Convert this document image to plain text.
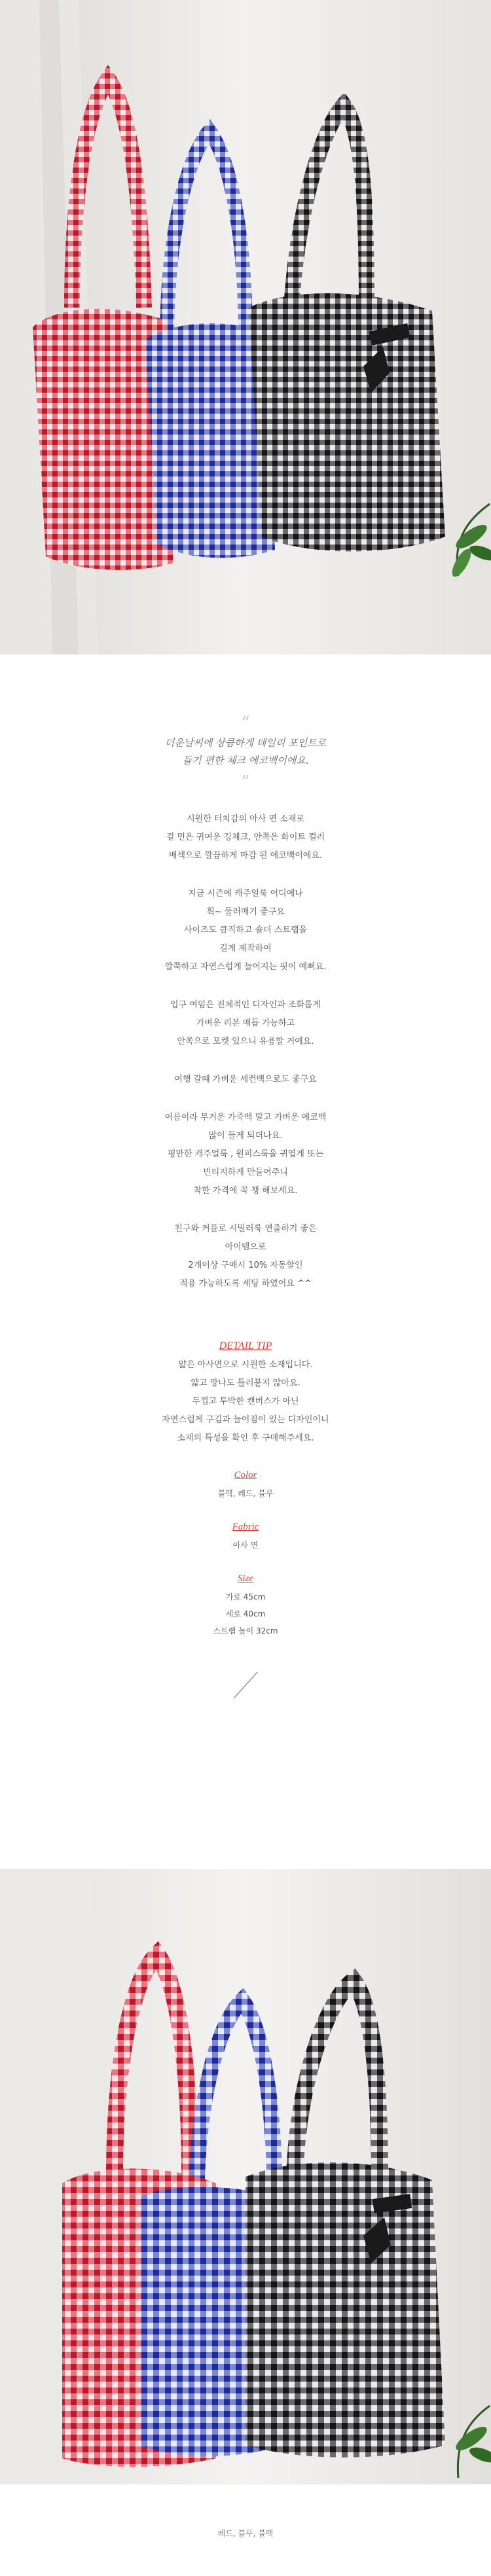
“
더운날씨에 상큼하게 데일리 포인트로
들기 편한 체크 에코백이에요.
”
시원한 터치감의 아사 면 소재로
겉 면은 귀여운 깅체크, 안쪽은 화이트 컬러
배색으로 깔끔하게 마감 된 에코백이에요.
지금 시즌에 캐주얼룩 어디에나
휙~ 둘러매기 좋구요
사이즈도 큼직하고 숄더 스트랩을
길게 제작하여
깔쭉하고 자연스럽게 늘어지는 핏이 예뻐요.
입구 여밈은 전체적인 디자인과 조화롭게
가벼운 리본 매듭 가능하고
안쪽으로 포켓 있으니 유용할 거예요.
여행 갈때 가벼운 세컨백으로도 좋구요
여름이라 무거운 가죽백 말고 가벼운 에코백
많이 들게 되더나요.
평만한 캐주얼룩 , 원피스룩을 귀엽게 또는
빈티지하게 만들어주니
착한 가격에 꼭 챙 해보세요.
친구와 커플로 시밀러룩 연출하기 좋은
아이템으로
2개이상 구매시 10% 자동할인
적용 가능하도록 세팅 하였어요 ^^
DETAIL TIP
얇은 아사면으로 시원한 소재입니다.
얇고 망나도 틀러붙지 않아요.
두껍고 투박한 캔버스가 아닌
자연스럽게 구김과 늘어짐이 있는 디자인이니
소재의 특성을 확인 후 구매해주세요.
Color
블랙, 레드, 블루
Fabric
아사 면
Size
가로 45cm
세로 40cm
스트랩 높이 32cm
레드, 블루, 블랙
